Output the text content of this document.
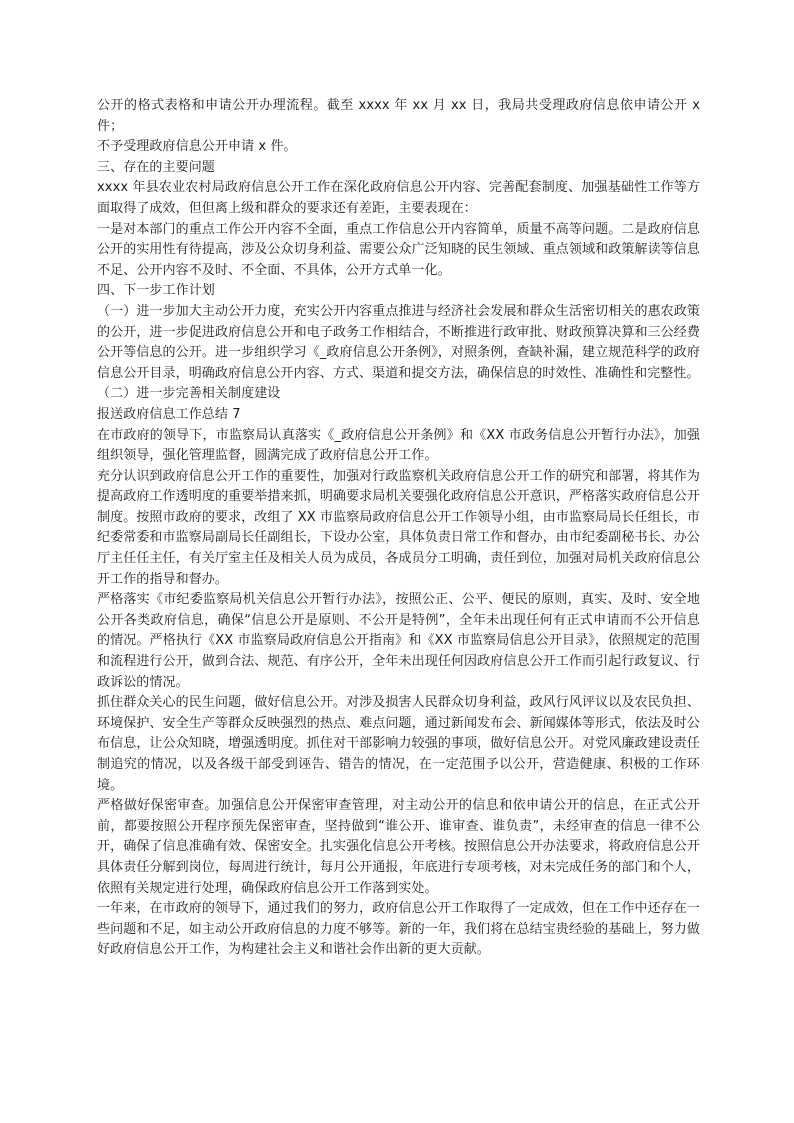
公开的格式表格和申请公开办理流程。截至 xxxx 年 xx 月 xx 日，我局共受理政府信息依申请公开 x 件；

不予受理政府信息公开申请 x 件。

三、存在的主要问题

xxxx 年县农业农村局政府信息公开工作在深化政府信息公开内容、完善配套制度、加强基础性工作等方面取得了成效，但但离上级和群众的要求还有差距，主要表现在：

一是对本部门的重点工作公开内容不全面，重点工作信息公开内容简单，质量不高等问题。二是政府信息公开的实用性有待提高，涉及公众切身利益、需要公众广泛知晓的民生领域、重点领域和政策解读等信息不足、公开内容不及时、不全面、不具体，公开方式单一化。

四、下一步工作计划

（一）进一步加大主动公开力度，充实公开内容重点推进与经济社会发展和群众生活密切相关的惠农政策的公开，进一步促进政府信息公开和电子政务工作相结合，不断推进行政审批、财政预算决算和三公经费公开等信息的公开。进一步组织学习《_政府信息公开条例》，对照条例，查缺补漏，建立规范科学的政府信息公开目录，明确政府信息公开内容、方式、渠道和提交方法，确保信息的时效性、准确性和完整性。

（二）进一步完善相关制度建设

报送政府信息工作总结 7

在市政府的领导下，市监察局认真落实《_政府信息公开条例》和《XX 市政务信息公开暂行办法》，加强组织领导，强化管理监督，圆满完成了政府信息公开工作。

充分认识到政府信息公开工作的重要性，加强对行政监察机关政府信息公开工作的研究和部署，将其作为提高政府工作透明度的重要举措来抓，明确要求局机关要强化政府信息公开意识，严格落实政府信息公开制度。按照市政府的要求，改组了 XX 市监察局政府信息公开工作领导小组，由市监察局局长任组长，市纪委常委和市监察局副局长任副组长，下设办公室，具体负责日常工作和督办，由市纪委副秘书长、办公厅主任任主任，有关厅室主任及相关人员为成员，各成员分工明确，责任到位，加强对局机关政府信息公开工作的指导和督办。

严格落实《市纪委监察局机关信息公开暂行办法》，按照公正、公平、便民的原则，真实、及时、安全地公开各类政府信息，确保“信息公开是原则、不公开是特例”，全年未出现任何有正式申请而不公开信息的情况。严格执行《XX 市监察局政府信息公开指南》和《XX 市监察局信息公开目录》，依照规定的范围和流程进行公开，做到合法、规范、有序公开，全年未出现任何因政府信息公开工作而引起行政复议、行政诉讼的情况。

抓住群众关心的民生问题，做好信息公开。对涉及损害人民群众切身利益，政风行风评议以及农民负担、环境保护、安全生产等群众反映强烈的热点、难点问题，通过新闻发布会、新闻媒体等形式，依法及时公布信息，让公众知晓，增强透明度。抓住对干部影响力较强的事项，做好信息公开。对党风廉政建设责任制追究的情况，以及各级干部受到诬告、错告的情况，在一定范围予以公开，营造健康、积极的工作环境。

严格做好保密审查。加强信息公开保密审查管理，对主动公开的信息和依申请公开的信息，在正式公开前，都要按照公开程序预先保密审查，坚持做到“谁公开、谁审查、谁负责”，未经审查的信息一律不公开，确保了信息准确有效、保密安全。扎实强化信息公开考核。按照信息公开办法要求，将政府信息公开具体责任分解到岗位，每周进行统计，每月公开通报，年底进行专项考核，对未完成任务的部门和个人，依照有关规定进行处理，确保政府信息公开工作落到实处。

一年来，在市政府的领导下，通过我们的努力，政府信息公开工作取得了一定成效，但在工作中还存在一些问题和不足，如主动公开政府信息的力度不够等。新的一年，我们将在总结宝贵经验的基础上，努力做好政府信息公开工作，为构建社会主义和谐社会作出新的更大贡献。
